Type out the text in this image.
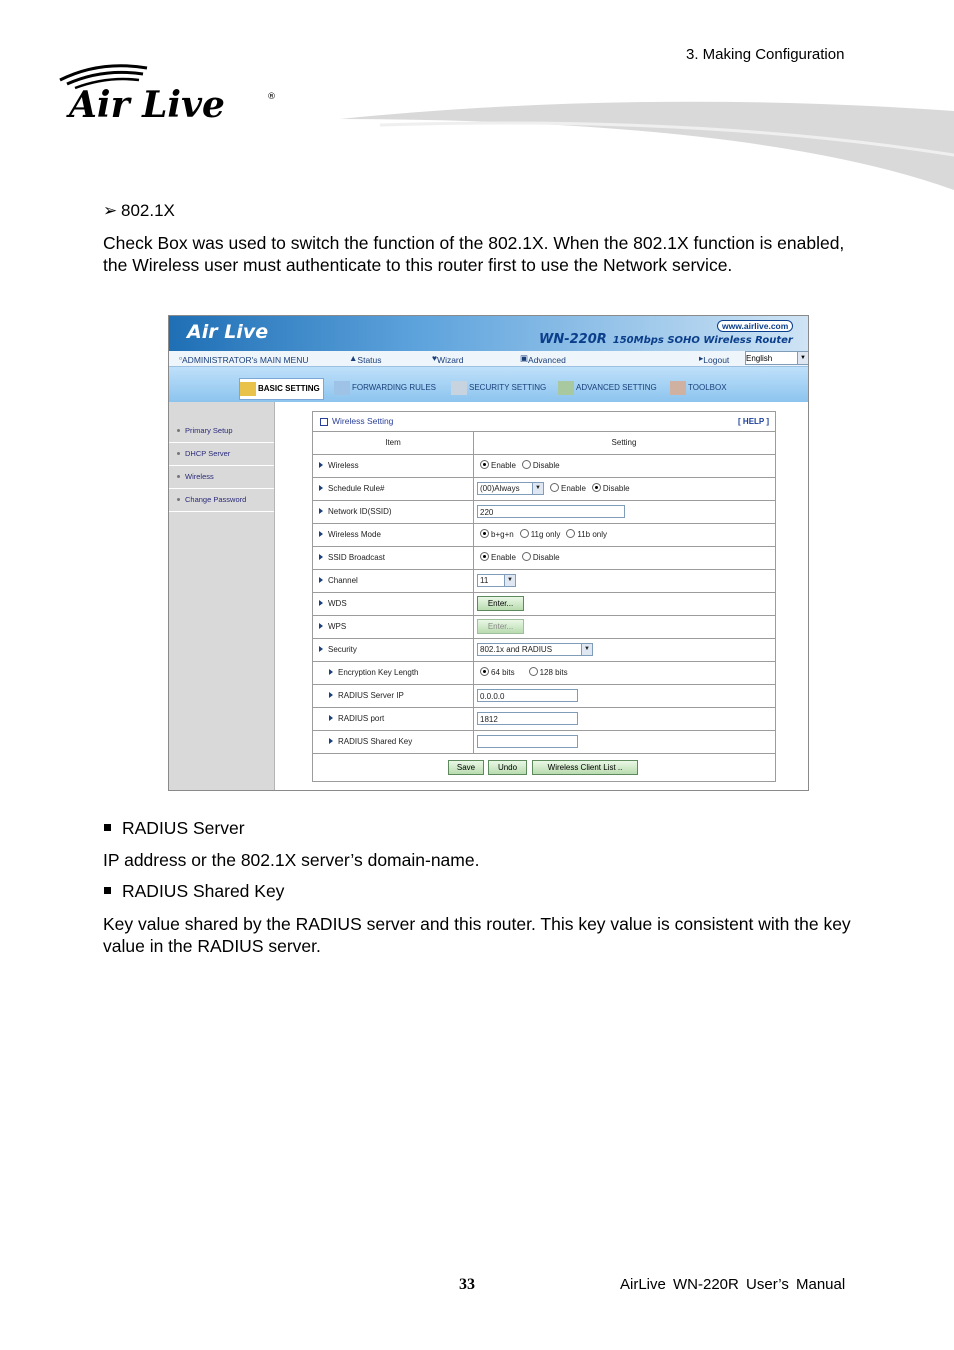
3. Making Configuration
Air Live	®
➢ 802.1X
Check Box was used to switch the function of the 802.1X. When the 802.1X function is enabled, the Wireless user must authenticate to this router first to use the Network service.
Air Live	WN-220R 150Mbps SOHO Wireless Router
www.airlive.com
▫ ADMINISTRATOR's MAIN MENU	▲ Status	♥ Wizard	▣ Advanced	▸ Logout English	▼
BASIC SETTING	FORWARDING RULES	SECURITY SETTING	ADVANCED SETTING	TOOLBOX
Primary Setup
DHCP Server
Wireless
Change Password
Wireless Setting	[ HELP ]
Item	Setting
Wireless	Enable Disable
Schedule Rule#	(00)Always	▼	Enable Disable
Network ID(SSID)	220
Wireless Mode	b+g+n 11g only 11b only
SSID Broadcast	Enable Disable
Channel	11	▼
WDS	Enter...
WPS	Enter...
Security	802.1x and RADIUS	▼
Encryption Key Length	64 bits	128 bits
RADIUS Server IP	0.0.0.0
RADIUS port	1812
RADIUS Shared Key
Save	Undo	Wireless Client List ..
RADIUS Server
IP address or the 802.1X server’s domain-name.
RADIUS Shared Key
Key value shared by the RADIUS server and this router. This key value is consistent with the key value in the RADIUS server.
33	AirLive WN-220R User’s Manual
